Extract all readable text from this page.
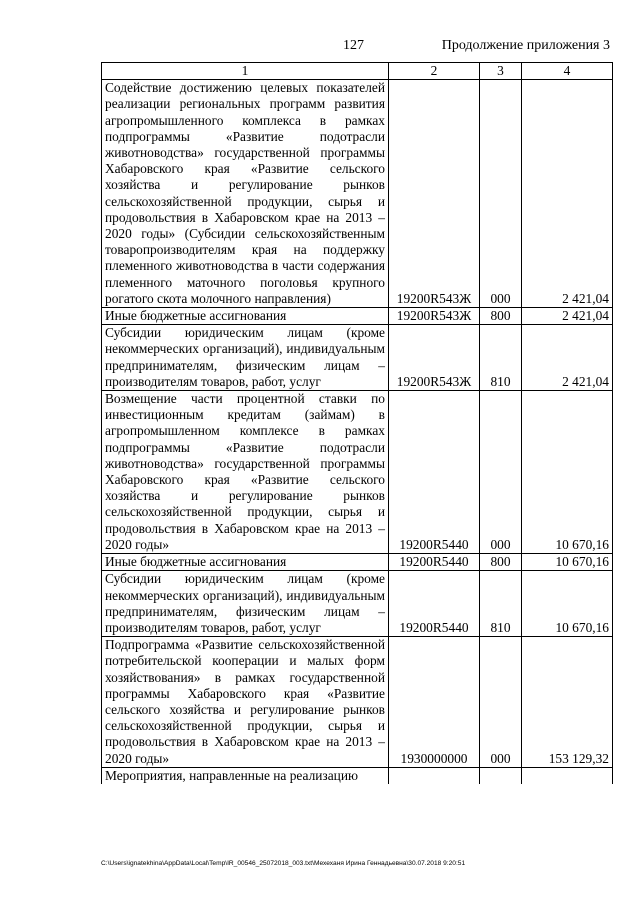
127	Продолжение приложения 3
1	2	3	4
Содействие достижению целевых показателей реализации региональных программ развития агропромышленного комплекса в рамках подпрограммы «Развитие подотрасли животноводства» государственной программы Хабаровского края «Развитие сельского хозяйства и регулирование рынков сельскохозяйственной продукции, сырья и продовольствия в Хабаровском крае на 2013 – 2020 годы» (Субсидии сельскохозяйственным товаропроизводителям края на поддержку племенного животноводства в части содержания племенного маточного поголовья крупного рогатого скота молочного направления)	19200R543Ж	000	2 421,04
Иные бюджетные ассигнования	19200R543Ж	800	2 421,04
Субсидии юридическим лицам (кроме некоммерческих организаций), индивидуальным предпринимателям, физическим лицам – производителям товаров, работ, услуг	19200R543Ж	810	2 421,04
Возмещение части процентной ставки по инвестиционным кредитам (займам) в агропромышленном комплексе в рамках подпрограммы «Развитие подотрасли животноводства» государственной программы Хабаровского края «Развитие сельского хозяйства и регулирование рынков сельскохозяйственной продукции, сырья и продовольствия в Хабаровском крае на 2013 – 2020 годы»	19200R5440	000	10 670,16
Иные бюджетные ассигнования	19200R5440	800	10 670,16
Субсидии юридическим лицам (кроме некоммерческих организаций), индивидуальным предпринимателям, физическим лицам – производителям товаров, работ, услуг	19200R5440	810	10 670,16
Подпрограмма «Развитие сельскохозяйственной потребительской кооперации и малых форм хозяйствования» в рамках государственной программы Хабаровского края «Развитие сельского хозяйства и регулирование рынков сельскохозяйственной продукции, сырья и продовольствия в Хабаровском крае на 2013 – 2020 годы»	1930000000	000	153 129,32
Мероприятия, направленные на реализацию			
C:\Users\ignatekhina\AppData\Local\Temp\IR_00546_25072018_003.txt\Мехеханя Ирина Геннадьевна\30.07.2018 9:20:51
